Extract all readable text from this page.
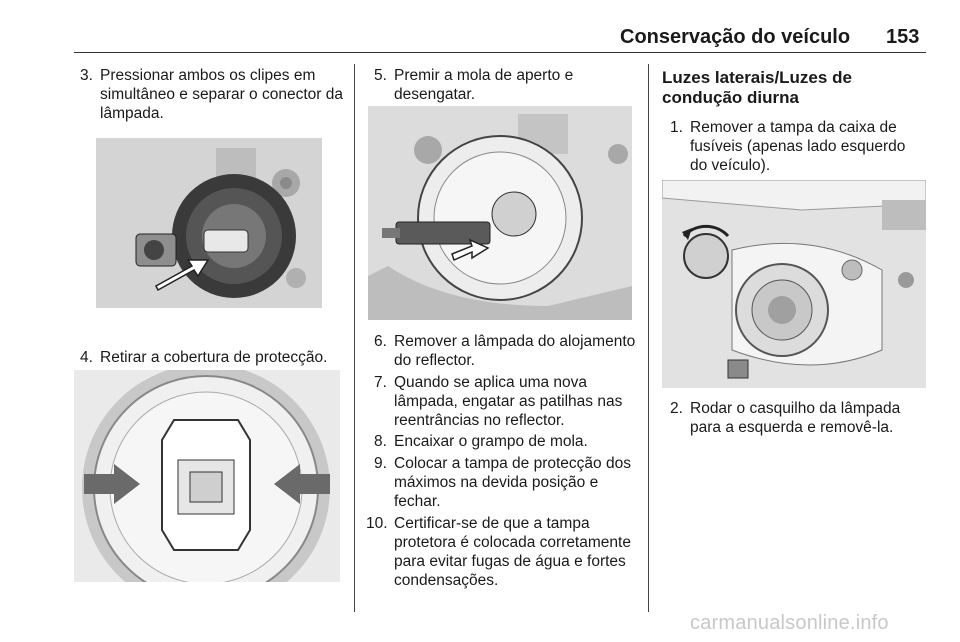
Conservação do veículo 153
3. Pressionar ambos os clipes em simultâneo e separar o conector da lâmpada.
4. Retirar a cobertura de protecção.
5. Premir a mola de aperto e desengatar.
6. Remover a lâmpada do alojamento do reflector.
7. Quando se aplica uma nova lâmpada, engatar as patilhas nas reentrâncias no reflector.
8. Encaixar o grampo de mola.
9. Colocar a tampa de protecção dos máximos na devida posição e fechar.
10. Certificar-se de que a tampa protetora é colocada corretamente para evitar fugas de água e fortes condensações.
Luzes laterais/Luzes de condução diurna
1. Remover a tampa da caixa de fusíveis (apenas lado esquerdo do veículo).
2. Rodar o casquilho da lâmpada para a esquerda e removê-la.
carmanualsonline.info
